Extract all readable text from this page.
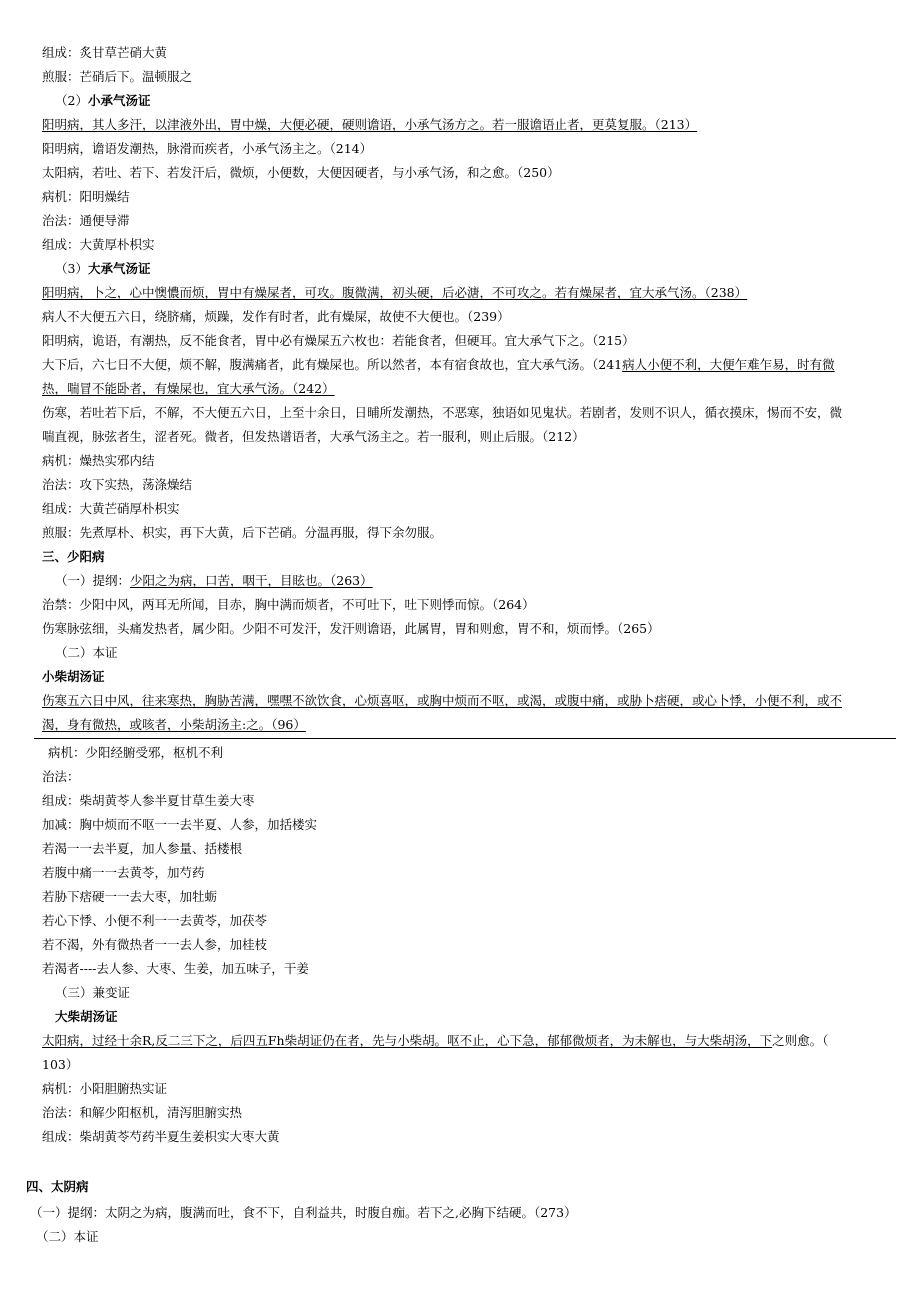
组成：炙甘草芒硝大黄
煎服：芒硝后下。温顿服之
（2）小承气汤证
阳明病，其人多汗，以津液外出，胃中燥，大便必硬，硬则谵语，小承气汤方之。若一服谵语止者，更莫复服。（213）
阳明病，谵语发潮热，脉滑而疾者，小承气汤主之。（214）
太阳病，若吐、若下、若发汗后，微烦，小便数，大便因硬者，与小承气汤，和之愈。（250）
病机：阳明燥结
治法：通便导滞
组成：大黄厚朴枳实
（3）大承气汤证
阳明病，卜之，心中懊憹而烦，胃中有燥屎者，可攻。腹微满，初头硬，后必溏，不可攻之。若有燥屎者，宜大承气汤。（238）
病人不大便五六日，绕脐痛，烦躁，发作有时者，此有燥屎，故使不大便也。（239）
阳明病，诡语，有潮热，反不能食者，胃中必有燥屎五六枚也：若能食者，但硬耳。宜大承气下之。（215）
大下后，六七日不大便，烦不解，腹满痛者，此有燥屎也。所以然者，本有宿食故也，宜大承气汤。（241病人小便不利，大便乍难乍易，时有微
热，喘冒不能卧者，有燥屎也，宜大承气汤。（242）
伤寒，若吐若下后，不解，不大便五六日，上至十余日，日晡所发潮热，不恶寒，独语如见鬼状。若剧者，发则不识人，循衣摸床，惕而不安，微
喘直视，脉弦者生，涩者死。微者，但发热谱语者，大承气汤主之。若一服利，则止后服。（212）
病机：燥热实邪内结
治法：攻下实热，荡涤燥结
组成：大黄芒硝厚朴枳实
煎服：先煮厚朴、枳实，再下大黄，后下芒硝。分温再服，得下余勿服。
三、少阳病
（一）提纲：少阳之为病，口苦，咽干，目眩也。（263）
治禁：少阳中风，两耳无所闻，目赤，胸中满而烦者，不可吐下，吐下则悸而惊。（264）
伤寒脉弦细，头痛发热者，属少阳。少阳不可发汗，发汗则谵语，此属胃，胃和则愈，胃不和，烦而悸。（265）
（二）本证
小柴胡汤证
伤寒五六日中风，往来寒热，胸胁苦满，嘿嘿不欲饮食，心烦喜呕，或胸中烦而不呕，或渴，或腹中痛，或胁卜痞硬，或心卜悸，小便不利，或不
渴，身有微热，或咳者，小柴胡汤主:之。（96）
病机：少阳经腑受邪，枢机不利
治法：
组成：柴胡黄苓人参半夏甘草生姜大枣
加减：胸中烦而不呕一一去半夏、人参，加括楼实
若渴一一去半夏，加人参量、括楼根
若腹中痛一一去黄苓，加芍药
若胁下痞硬一一去大枣，加牡蛎
若心下悸、小便不利一一去黄苓，加茯苓
若不渴，外有微热者一一去人参，加桂枝
若渴者----去人参、大枣、生姜，加五味子，干姜
（三）兼变证
大柴胡汤证
太阳病，过经十余R,反二三下之，后四五Fh柴胡证仍在者，先与小柴胡。呕不止，心下急，郁郁微烦者，为未解也，与大柴胡汤，下之则愈。（
103）
病机：小阳胆腑热实证
治法：和解少阳枢机，清泻胆腑实热
组成：柴胡黄苓芍药半夏生姜枳实大枣大黄
四、太阴病
（一）提纲：太阴之为病，腹满而吐，食不下，自利益共，时腹自痂。若下之,必胸下结硬。（273）
（二）本证
